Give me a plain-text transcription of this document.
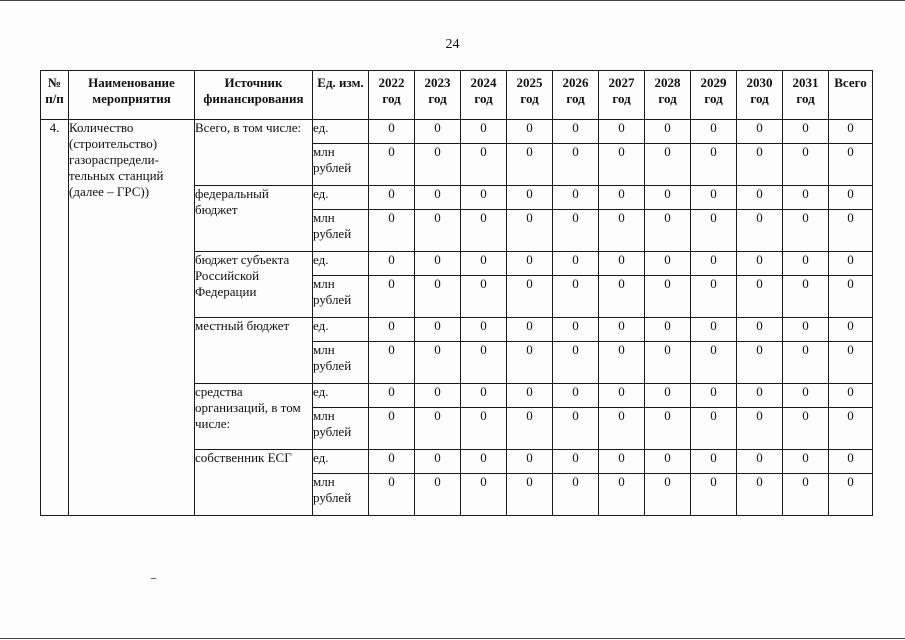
24
№ п/п	Наименование мероприятия	Источник финансирования	Ед. изм.	2022 год	2023 год	2024 год	2025 год	2026 год	2027 год	2028 год	2029 год	2030 год	2031 год	Всего
4.	Количество (строительство) газораспредели-тельных станций (далее – ГРС))	Всего, в том числе:	ед.	0	0	0	0	0	0	0	0	0	0	0
			млн рублей	0	0	0	0	0	0	0	0	0	0	0
		федеральный бюджет	ед.	0	0	0	0	0	0	0	0	0	0	0
			млн рублей	0	0	0	0	0	0	0	0	0	0	0
		бюджет субъекта Российской Федерации	ед.	0	0	0	0	0	0	0	0	0	0	0
			млн рублей	0	0	0	0	0	0	0	0	0	0	0
		местный бюджет	ед.	0	0	0	0	0	0	0	0	0	0	0
			млн рублей	0	0	0	0	0	0	0	0	0	0	0
		средства организаций, в том числе:	ед.	0	0	0	0	0	0	0	0	0	0	0
			млн рублей	0	0	0	0	0	0	0	0	0	0	0
		собственник ЕСГ	ед.	0	0	0	0	0	0	0	0	0	0	0
			млн рублей	0	0	0	0	0	0	0	0	0	0	0
